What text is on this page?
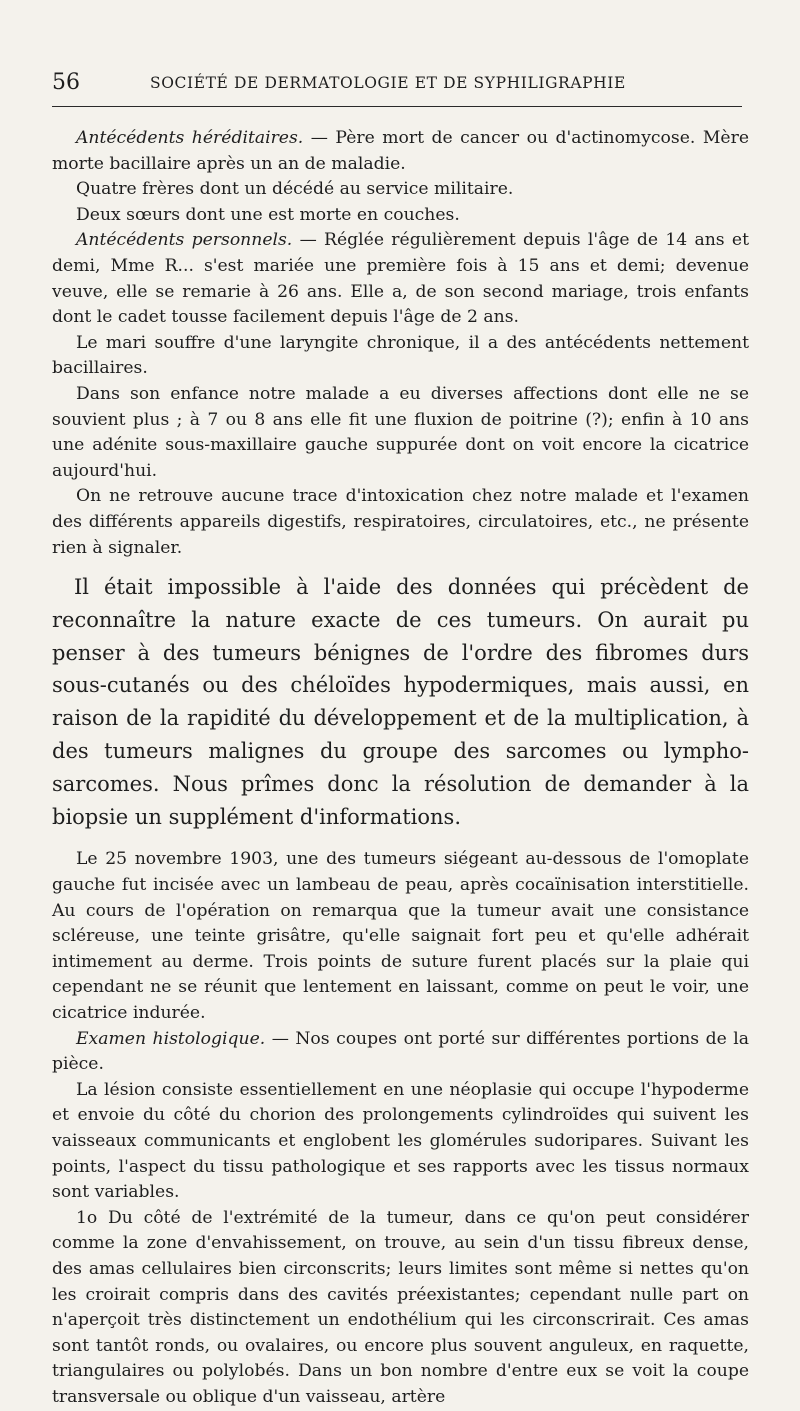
56	SOCIÉTÉ DE DERMATOLOGIE ET DE SYPHILIGRAPHIE

Antécédents héréditaires. — Père mort de cancer ou d'actinomycose. Mère morte bacillaire après un an de maladie.

Quatre frères dont un décédé au service militaire.

Deux sœurs dont une est morte en couches.

Antécédents personnels. — Réglée régulièrement depuis l'âge de 14 ans et demi, Mme R... s'est mariée une première fois à 15 ans et demi; devenue veuve, elle se remarie à 26 ans. Elle a, de son second mariage, trois enfants dont le cadet tousse facilement depuis l'âge de 2 ans.

Le mari souffre d'une laryngite chronique, il a des antécédents nettement bacillaires.

Dans son enfance notre malade a eu diverses affections dont elle ne se souvient plus ; à 7 ou 8 ans elle fit une fluxion de poitrine (?); enfin à 10 ans une adénite sous-maxillaire gauche suppurée dont on voit encore la cicatrice aujourd'hui.

On ne retrouve aucune trace d'intoxication chez notre malade et l'examen des différents appareils digestifs, respiratoires, circulatoires, etc., ne présente rien à signaler.

Il était impossible à l'aide des données qui précèdent de reconnaître la nature exacte de ces tumeurs. On aurait pu penser à des tumeurs bénignes de l'ordre des fibromes durs sous-cutanés ou des chéloïdes hypodermiques, mais aussi, en raison de la rapidité du développement et de la multiplication, à des tumeurs malignes du groupe des sarcomes ou lympho-sarcomes. Nous prîmes donc la résolution de demander à la biopsie un supplément d'informations.

Le 25 novembre 1903, une des tumeurs siégeant au-dessous de l'omoplate gauche fut incisée avec un lambeau de peau, après cocaïnisation interstitielle. Au cours de l'opération on remarqua que la tumeur avait une consistance scléreuse, une teinte grisâtre, qu'elle saignait fort peu et qu'elle adhérait intimement au derme. Trois points de suture furent placés sur la plaie qui cependant ne se réunit que lentement en laissant, comme on peut le voir, une cicatrice indurée.

Examen histologique. — Nos coupes ont porté sur différentes portions de la pièce.

La lésion consiste essentiellement en une néoplasie qui occupe l'hypoderme et envoie du côté du chorion des prolongements cylindroïdes qui suivent les vaisseaux communicants et englobent les glomérules sudoripares. Suivant les points, l'aspect du tissu pathologique et ses rapports avec les tissus normaux sont variables.

1o Du côté de l'extrémité de la tumeur, dans ce qu'on peut considérer comme la zone d'envahissement, on trouve, au sein d'un tissu fibreux dense, des amas cellulaires bien circonscrits; leurs limites sont même si nettes qu'on les croirait compris dans des cavités préexistantes; cependant nulle part on n'aperçoit très distinctement un endothélium qui les circonscrirait. Ces amas sont tantôt ronds, ou ovalaires, ou encore plus souvent anguleux, en raquette, triangulaires ou polylobés. Dans un bon nombre d'entre eux se voit la coupe transversale ou oblique d'un vaisseau, artère
